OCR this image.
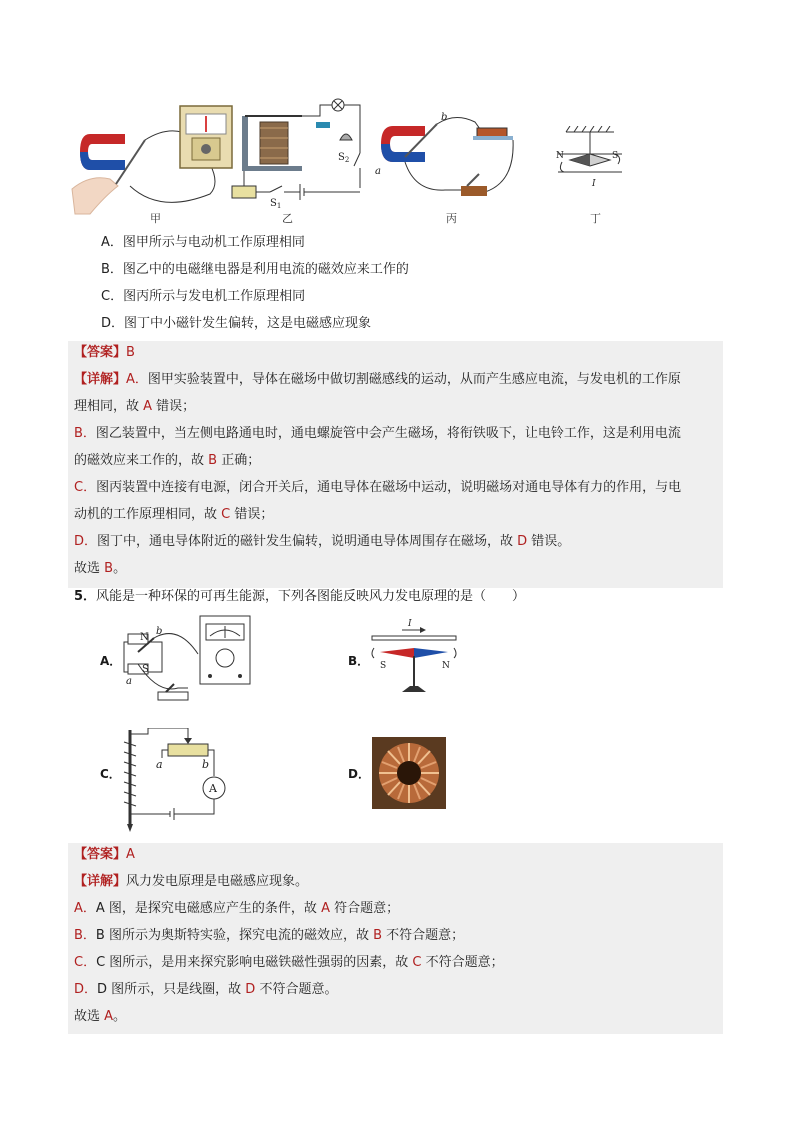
甲
$S_1$
$S_2$
乙
a
b
丙
N	S
I
丁
A．图甲所示与电动机工作原理相同
B．图乙中的电磁继电器是利用电流的磁效应来工作的
C．图丙所示与发电机工作原理相同
D．图丁中小磁针发生偏转，这是电磁感应现象
【答案】B
【详解】A．图甲实验装置中，导体在磁场中做切割磁感线的运动，从而产生感应电流，与发电机的工作原
理相同，故 A 错误；
B．图乙装置中，当左侧电路通电时，通电螺旋管中会产生磁场，将衔铁吸下，让电铃工作，这是利用电流
的磁效应来工作的，故 B 正确；
C．图丙装置中连接有电源，闭合开关后，通电导体在磁场中运动，说明磁场对通电导体有力的作用，与电
动机的工作原理相同，故 C 错误；
D．图丁中，通电导体附近的磁针发生偏转，说明通电导体周围存在磁场，故 D 错误。
故选 B。
5．风能是一种环保的可再生能源，下列各图能反映风力发电原理的是（　　）
A．
N
S
a
b
B．
I
S	N
C．
A
a	b
D．
【答案】A
【详解】风力发电原理是电磁感应现象。
A．A 图，是探究电磁感应产生的条件，故 A 符合题意；
B．B 图所示为奥斯特实验，探究电流的磁效应，故 B 不符合题意；
C．C 图所示，是用来探究影响电磁铁磁性强弱的因素，故 C 不符合题意；
D．D 图所示，只是线圈，故 D 不符合题意。
故选 A。
